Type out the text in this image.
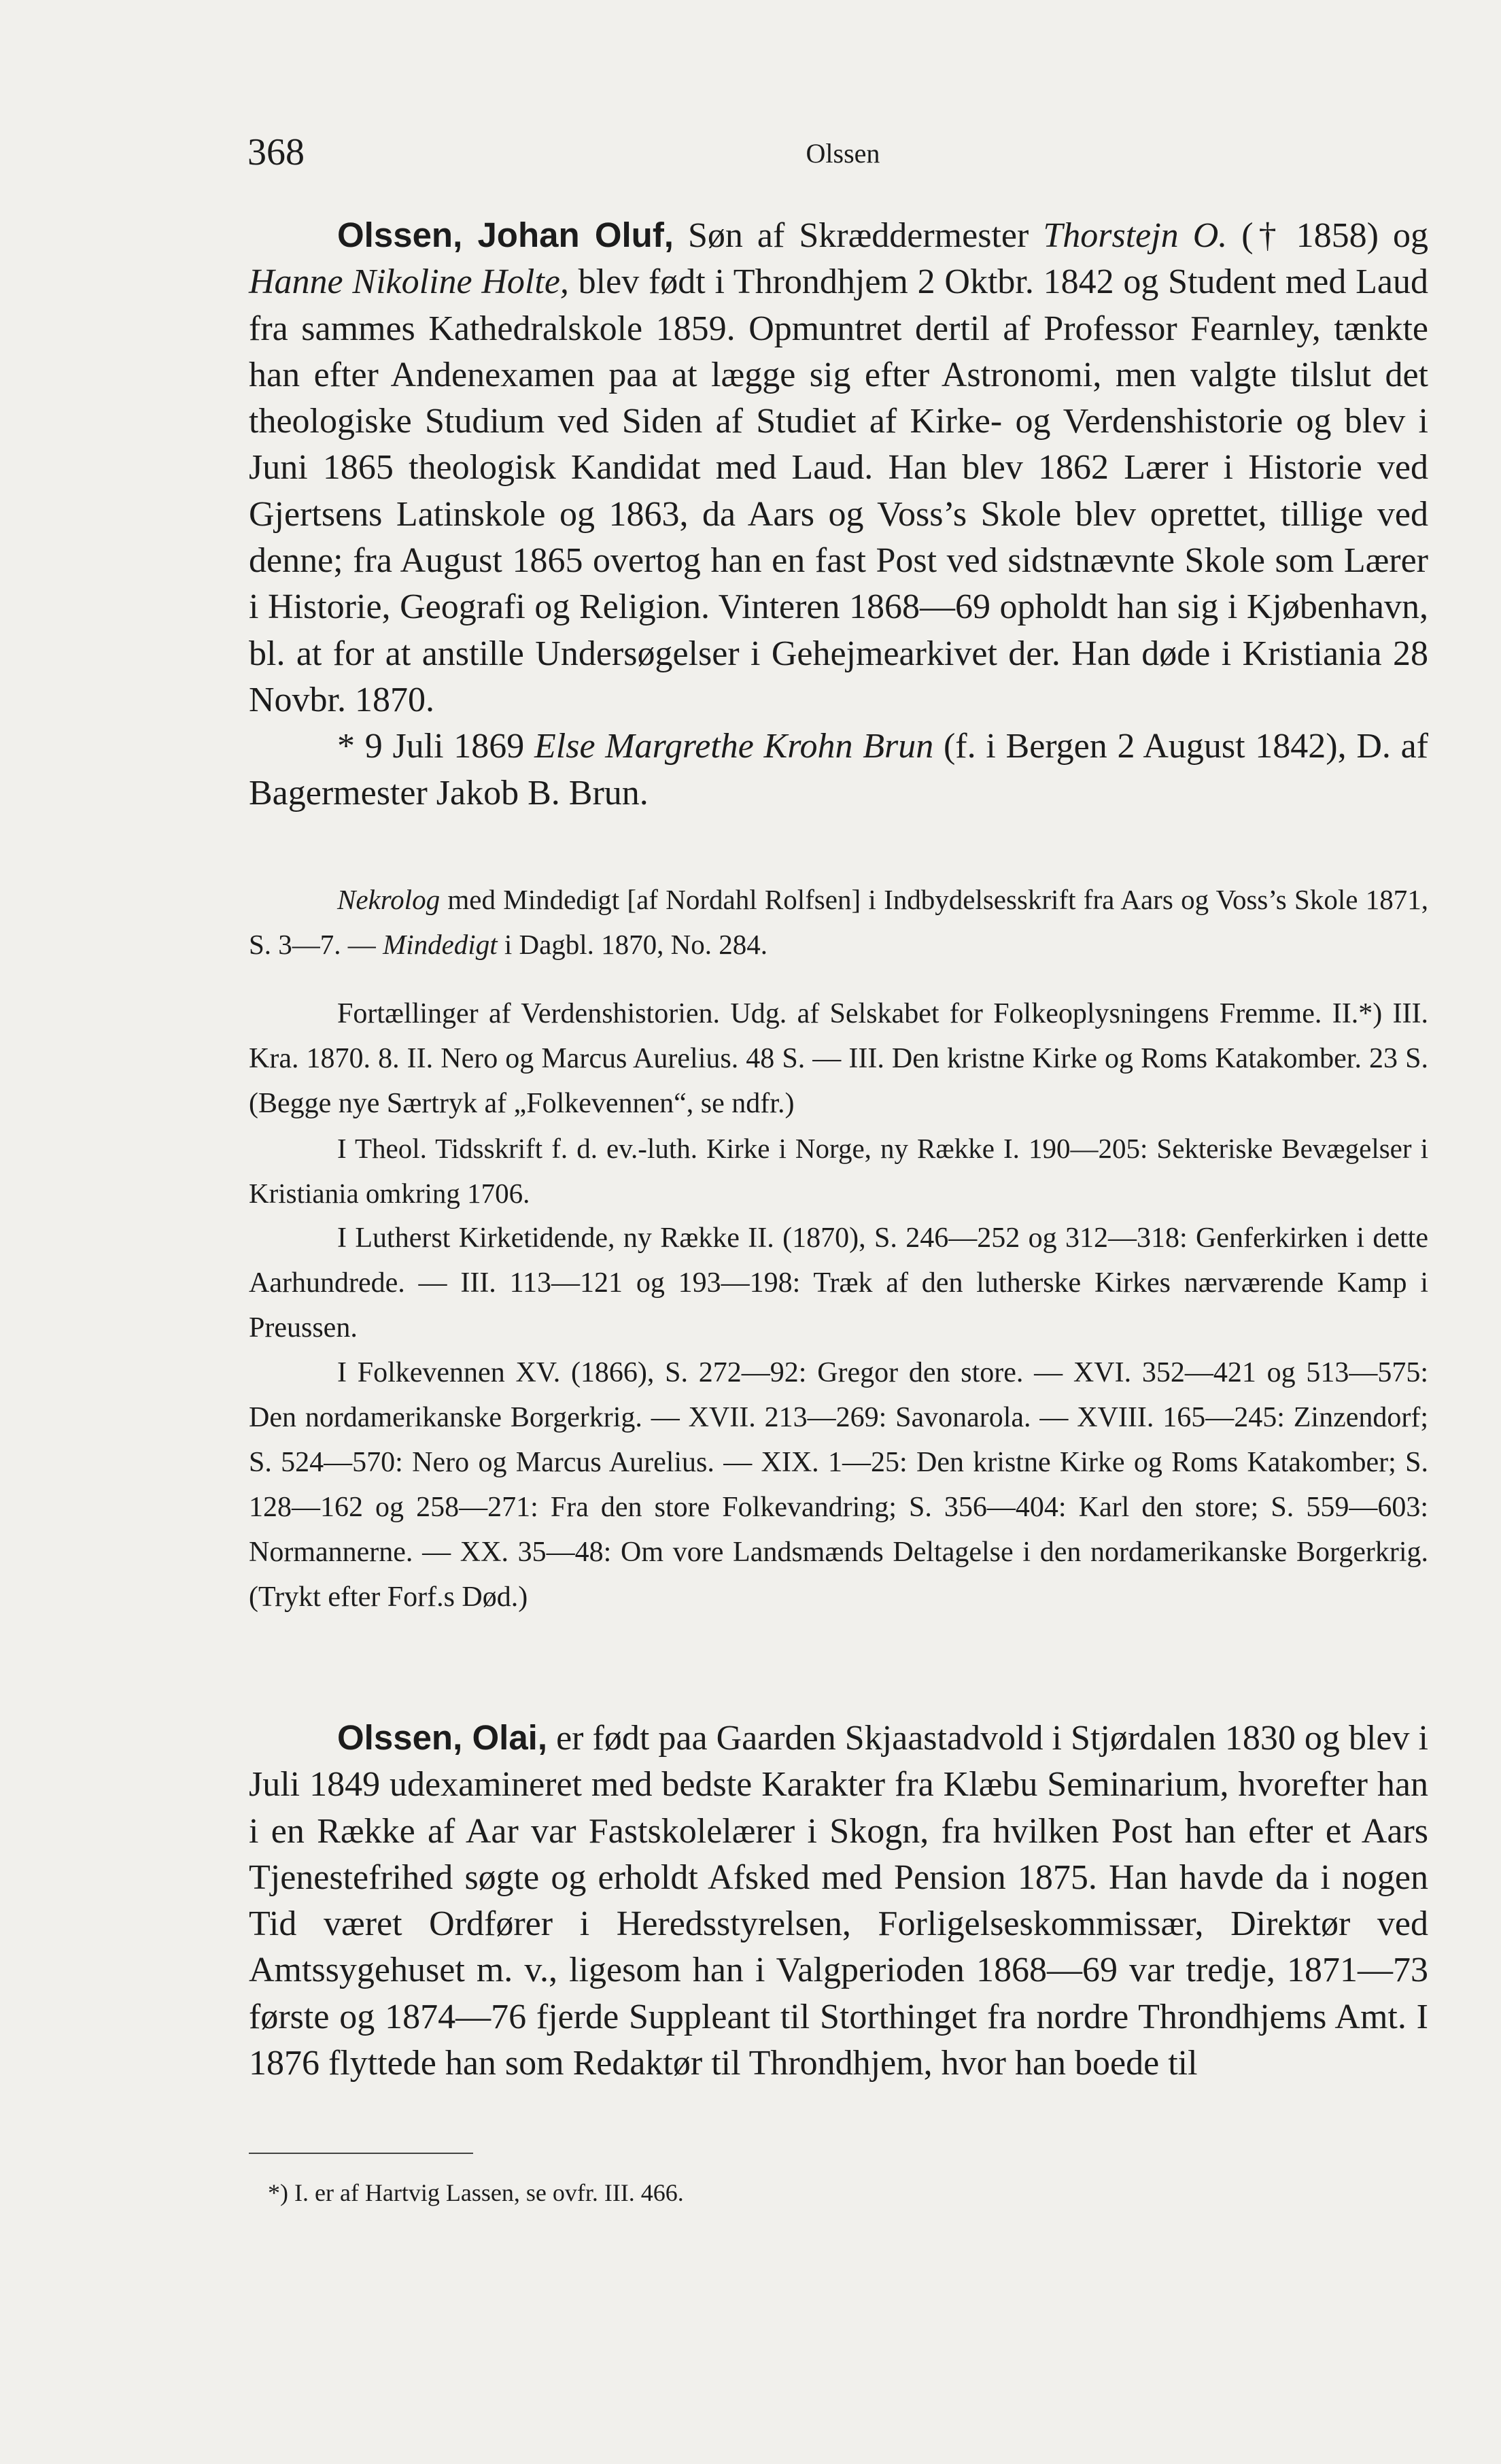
368	Olssen

Olssen, Johan Oluf, Søn af Skræddermester Thorstejn O. († 1858) og Hanne Nikoline Holte, blev født i Throndhjem 2 Oktbr. 1842 og Student med Laud fra sammes Kathedralskole 1859. Opmuntret dertil af Professor Fearnley, tænkte han efter Andenexamen paa at lægge sig efter Astronomi, men valgte tilslut det theologiske Studium ved Siden af Studiet af Kirke- og Verdenshistorie og blev i Juni 1865 theologisk Kandidat med Laud. Han blev 1862 Lærer i Historie ved Gjertsens Latinskole og 1863, da Aars og Voss’s Skole blev oprettet, tillige ved denne; fra August 1865 overtog han en fast Post ved sidstnævnte Skole som Lærer i Historie, Geografi og Religion. Vinteren 1868—69 opholdt han sig i Kjøbenhavn, bl. at for at anstille Undersøgelser i Gehejmearkivet der. Han døde i Kristiania 28 Novbr. 1870.

* 9 Juli 1869 Else Margrethe Krohn Brun (f. i Bergen 2 August 1842), D. af Bagermester Jakob B. Brun.

Nekrolog med Mindedigt [af Nordahl Rolfsen] i Indbydelsesskrift fra Aars og Voss’s Skole 1871, S. 3—7. — Mindedigt i Dagbl. 1870, No. 284.

Fortællinger af Verdenshistorien. Udg. af Selskabet for Folkeoplysningens Fremme. II.*) III. Kra. 1870. 8. II. Nero og Marcus Aurelius. 48 S. — III. Den kristne Kirke og Roms Katakomber. 23 S. (Begge nye Særtryk af „Folkevennen“, se ndfr.)

I Theol. Tidsskrift f. d. ev.-luth. Kirke i Norge, ny Række I. 190—205: Sekteriske Bevægelser i Kristiania omkring 1706.

I Lutherst Kirketidende, ny Række II. (1870), S. 246—252 og 312—318: Genferkirken i dette Aarhundrede. — III. 113—121 og 193—198: Træk af den lutherske Kirkes nærværende Kamp i Preussen.

I Folkevennen XV. (1866), S. 272—92: Gregor den store. — XVI. 352—421 og 513—575: Den nordamerikanske Borgerkrig. — XVII. 213—269: Savonarola. — XVIII. 165—245: Zinzendorf; S. 524—570: Nero og Marcus Aurelius. — XIX. 1—25: Den kristne Kirke og Roms Katakomber; S. 128—162 og 258—271: Fra den store Folkevandring; S. 356—404: Karl den store; S. 559—603: Normannerne. — XX. 35—48: Om vore Landsmænds Deltagelse i den nordamerikanske Borgerkrig. (Trykt efter Forf.s Død.)

Olssen, Olai, er født paa Gaarden Skjaastadvold i Stjørdalen 1830 og blev i Juli 1849 udexamineret med bedste Karakter fra Klæbu Seminarium, hvorefter han i en Række af Aar var Fastskolelærer i Skogn, fra hvilken Post han efter et Aars Tjenestefrihed søgte og erholdt Afsked med Pension 1875. Han havde da i nogen Tid været Ordfører i Heredsstyrelsen, Forligelseskommissær, Direktør ved Amtssygehuset m. v., ligesom han i Valgperioden 1868—69 var tredje, 1871—73 første og 1874—76 fjerde Suppleant til Storthinget fra nordre Throndhjems Amt. I 1876 flyttede han som Redaktør til Throndhjem, hvor han boede til

*) I. er af Hartvig Lassen, se ovfr. III. 466.
